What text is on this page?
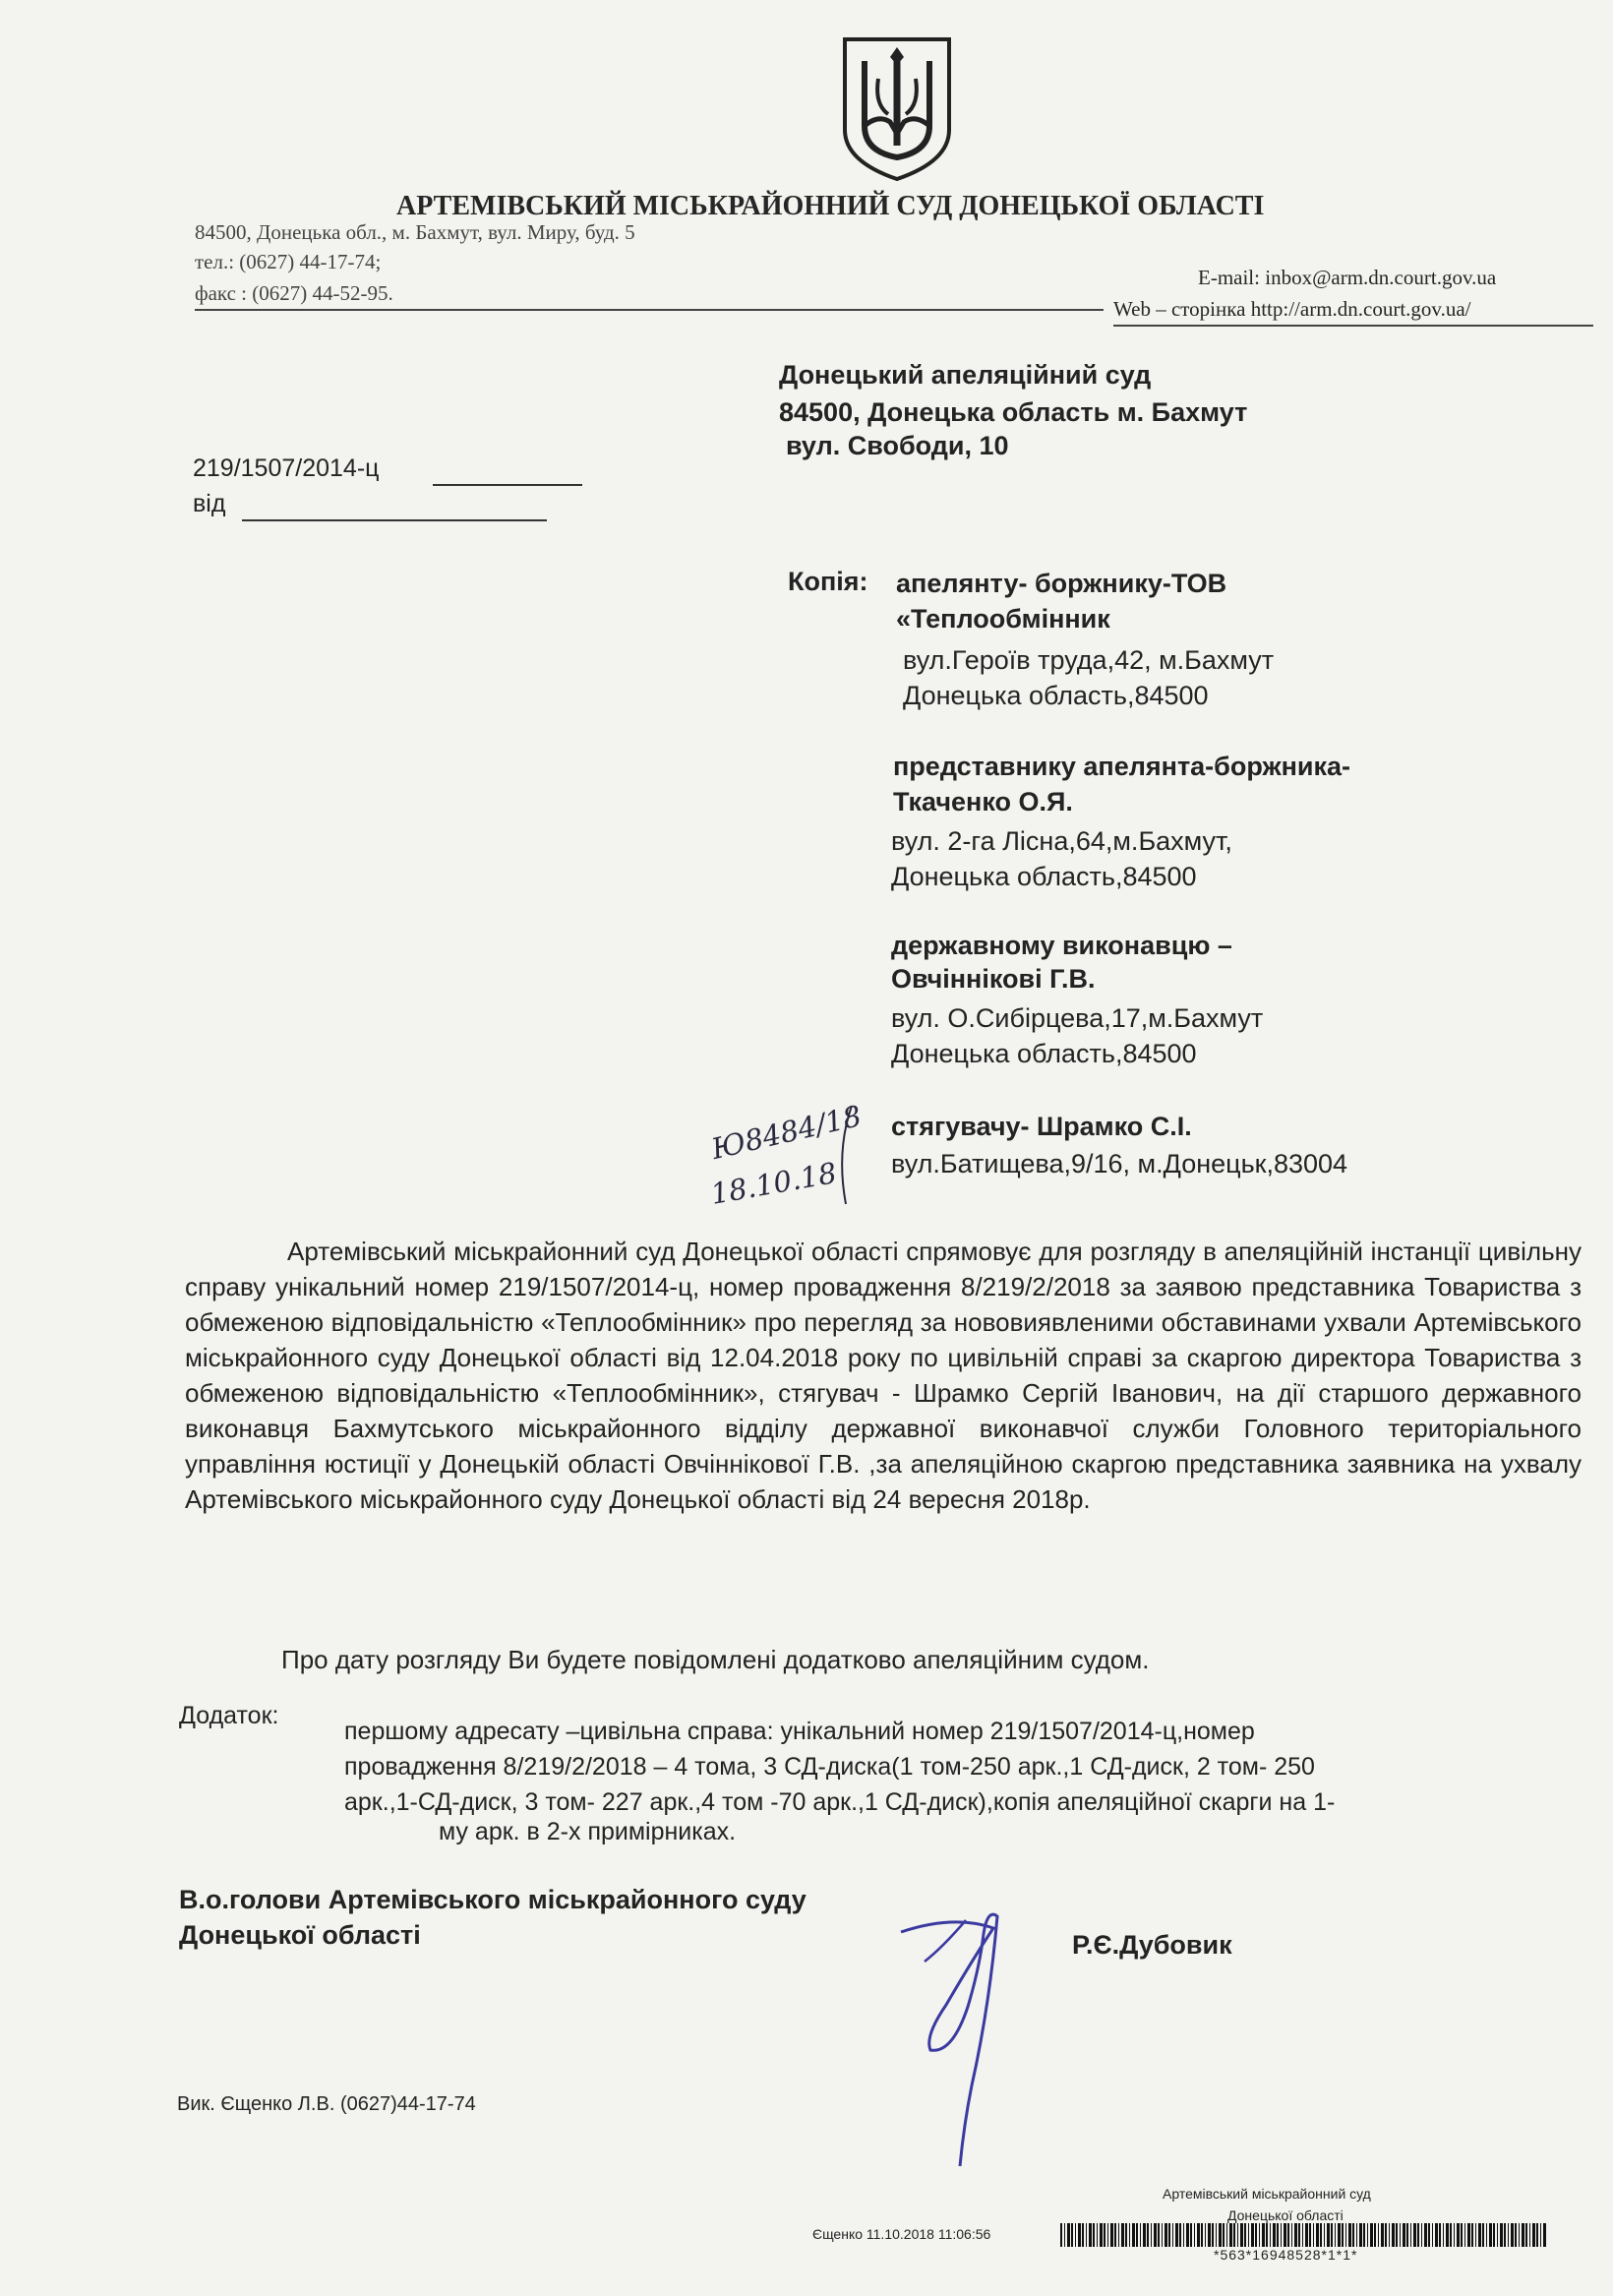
АРТЕМІВСЬКИЙ МІСЬКРАЙОННИЙ СУД ДОНЕЦЬКОЇ ОБЛАСТІ
84500, Донецька обл., м. Бахмут, вул. Миру, буд. 5
тел.: (0627) 44-17-74;
факс : (0627) 44-52-95.
E-mail: inbox@arm.dn.court.gov.ua
Web – сторінка http://arm.dn.court.gov.ua/
219/1507/2014-ц
від
Донецький апеляційний суд
84500, Донецька область м. Бахмут
вул. Свободи, 10
Копія: апелянту- боржнику-ТОВ
«Теплообмінник
вул.Героїв труда,42, м.Бахмут
Донецька область,84500
представнику апелянта-боржника-
Ткаченко О.Я.
вул. 2-га Лісна,64,м.Бахмут,
Донецька область,84500
державному виконавцю –
Овчіннікові Г.В.
вул. О.Сибірцева,17,м.Бахмут
Донецька область,84500
стягувачу- Шрамко С.І.
вул.Батищева,9/16, м.Донецьк,83004
Ю8484/18
18.10.18

Артемівський міськрайонний суд Донецької області спрямовує для розгляду в апеляційній інстанції цивільну справу унікальний номер 219/1507/2014-ц, номер провадження 8/219/2/2018 за заявою представника Товариства з обмеженою відповідальністю «Теплообмінник» про перегляд за нововиявленими обставинами ухвали Артемівського міськрайонного суду Донецької області від 12.04.2018 року по цивільній справі за скаргою директора Товариства з обмеженою відповідальністю «Теплообмінник», стягувач - Шрамко Сергій Іванович, на дії старшого державного виконавця Бахмутського міськрайонного відділу державної виконавчої служби Головного територіального управління юстиції у Донецькій області Овчіннікової Г.В. ,за апеляційною скаргою представника заявника на ухвалу Артемівського міськрайонного суду Донецької області від 24 вересня 2018р.

Про дату розгляду Ви будете повідомлені додатково апеляційним судом.
Додаток:
першому адресату –цивільна справа: унікальний номер 219/1507/2014-ц,номер
провадження 8/219/2/2018 – 4 тома, 3 СД-диска(1 том-250 арк.,1 СД-диск, 2 том- 250
арк.,1-СД-диск, 3 том- 227 арк.,4 том -70 арк.,1 СД-диск),копія апеляційної скарги на 1-
му арк. в 2-х примірниках.
В.о.голови Артемівського міськрайонного суду
Донецької області	Р.Є.Дубовик
Вик. Єщенко Л.В. (0627)44-17-74
Артемівський міськрайонний суд
Донецької області
Єщенко 11.10.2018 11:06:56
*563*16948528*1*1*
